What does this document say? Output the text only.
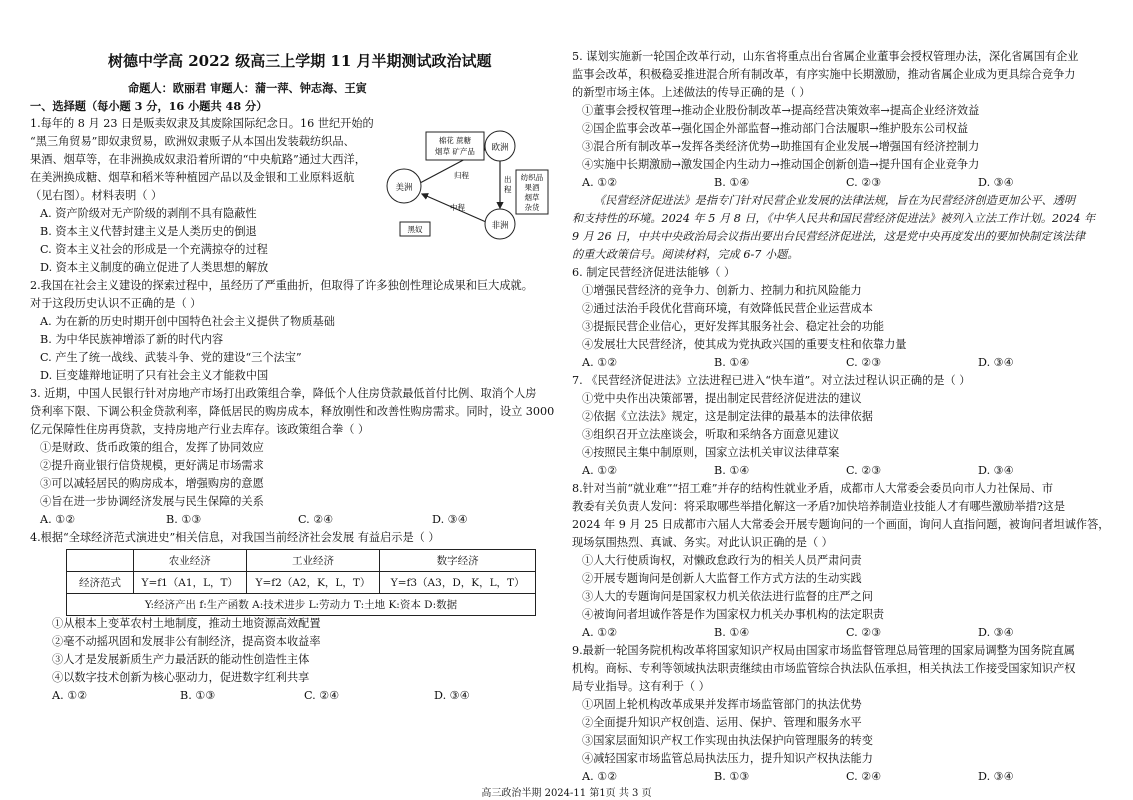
树德中学高 2022 级高三上学期 11 月半期测试政治试题
命题人：欧丽君 审题人：蒲一萍、钟志海、王寅
一、选择题（每小题 3 分，16 小题共 48 分）
1.每年的 8 月 23 日是贩卖奴隶及其废除国际纪念日。16 世纪开始的
“黑三角贸易”即奴隶贸易，欧洲奴隶贩子从本国出发装载纺织品、
果酒、烟草等，在非洲换成奴隶沿着所谓的“中央航路”通过大西洋，
在美洲换成糖、烟草和稻米等种植园产品以及金银和工业原料返航
（见右图）。材料表明（ ）
A. 资产阶级对无产阶级的剥削不具有隐蔽性
B. 资本主义代替封建主义是人类历史的倒退
C. 资本主义社会的形成是一个充满掠夺的过程
D. 资本主义制度的确立促进了人类思想的解放
欧洲
美洲
非洲
棉花 蔗糖
烟草 矿产品
纺织品
果酒
烟草
杂货
黑奴
归程	出
程
中程
2.我国在社会主义建设的探索过程中，虽经历了严重曲折，但取得了许多独创性理论成果和巨大成就。
对于这段历史认识不正确的是（ ）
A. 为在新的历史时期开创中国特色社会主义提供了物质基础
B. 为中华民族神增添了新的时代内容
C. 产生了统一战线、武装斗争、党的建设“三个法宝”
D. 巨变雄辩地证明了只有社会主义才能救中国
3. 近期，中国人民银行针对房地产市场打出政策组合拳，降低个人住房贷款最低首付比例、取消个人房
贷利率下限、下调公积金贷款利率，降低居民的购房成本，释放刚性和改善性购房需求。同时，设立 3000
亿元保障性住房再贷款，支持房地产行业去库存。该政策组合拳（ ）
①是财政、货币政策的组合，发挥了协同效应
②提升商业银行信贷规模，更好满足市场需求
③可以减轻居民的购房成本，增强购房的意愿
④旨在进一步协调经济发展与民生保障的关系
A. ①②	B. ①③	C. ②④	D. ③④
4.根据“全球经济范式演进史”相关信息，对我国当前经济社会发展 有益启示是（ ）
	农业经济	工业经济	数字经济
经济范式	Y=f1（A1，L，T）	Y=f2（A2，K，L，T）	Y=f3（A3，D，K，L，T）
Y:经济产出 f:生产函数 A:技术进步 L:劳动力 T:土地 K:资本 D:数据			
①从根本上变革农村土地制度，推动土地资源高效配置
②毫不动摇巩固和发展非公有制经济，提高资本收益率
③人才是发展新质生产力最活跃的能动性创造性主体
④以数字技术创新为核心驱动力，促进数字红利共享
A. ①②	B. ①③	C. ②④	D. ③④
5. 谋划实施新一轮国企改革行动，山东省将重点出台省属企业董事会授权管理办法，深化省属国有企业
监事会改革，积极稳妥推进混合所有制改革，有序实施中长期激励，推动省属企业成为更具综合竞争力
的新型市场主体。上述做法的传导正确的是（ ）
①董事会授权管理→推动企业股份制改革→提高经营决策效率→提高企业经济效益
②国企监事会改革→强化国企外部监督→推动部门合法履职→维护股东公司权益
③混合所有制改革→发挥各类经济优势→助推国有企业发展→增强国有经济控制力
④实施中长期激励→激发国企内生动力→推动国企创新创造→提升国有企业竞争力
A. ①②	B. ①④	C. ②③	D. ③④
《民营经济促进法》是指专门针对民营企业发展的法律法规，旨在为民营经济创造更加公平、透明
和支持性的环境。2024 年 5 月 8 日，《中华人民共和国民营经济促进法》被列入立法工作计划。2024 年
9 月 26 日，中共中央政治局会议指出要出台民营经济促进法，这是党中央再度发出的要加快制定该法律
的重大政策信号。阅读材料，完成 6-7 小题。
6. 制定民营经济促进法能够（ ）
①增强民营经济的竞争力、创新力、控制力和抗风险能力
②通过法治手段优化营商环境，有效降低民营企业运营成本
③提振民营企业信心，更好发挥其服务社会、稳定社会的功能
④发展壮大民营经济，使其成为党执政兴国的重要支柱和依靠力量
A. ①②	B. ①④	C. ②③	D. ③④
7. 《民营经济促进法》立法进程已进入“快车道”。对立法过程认识正确的是（ ）
①党中央作出决策部署，提出制定民营经济促进法的建议
②依据《立法法》规定，这是制定法律的最基本的法律依据
③组织召开立法座谈会，听取和采纳各方面意见建议
④按照民主集中制原则，国家立法机关审议法律草案
A. ①②	B. ①④	C. ②③	D. ③④
8.针对当前“就业难”“招工难”并存的结构性就业矛盾，成都市人大常委会委员向市人力社保局、市
教委有关负责人发问：将采取哪些举措化解这一矛盾?加快培养制造业技能人才有哪些激励举措?这是
2024 年 9 月 25 日成都市六届人大常委会开展专题询问的一个画面，询问人直指问题，被询问者坦诚作答，
现场氛围热烈、真诚、务实。对此认识正确的是（ ）
①人大行使质询权，对懒政怠政行为的相关人员严肃问责
②开展专题询问是创新人大监督工作方式方法的生动实践
③人大的专题询问是国家权力机关依法进行监督的庄严之问
④被询问者坦诚作答是作为国家权力机关办事机构的法定职责
A. ①②	B. ①④	C. ②③	D. ③④
9.最新一轮国务院机构改革将国家知识产权局由国家市场监督管理总局管理的国家局调整为国务院直属
机构。商标、专利等领域执法职责继续由市场监管综合执法队伍承担，相关执法工作接受国家知识产权
局专业指导。这有利于（ ）
①巩固上轮机构改革成果并发挥市场监管部门的执法优势
②全面提升知识产权创造、运用、保护、管理和服务水平
③国家层面知识产权工作实现由执法保护向管理服务的转变
④减轻国家市场监管总局执法压力，提升知识产权执法能力
A. ①②	B. ①③	C. ②④	D. ③④
高三政治半期 2024-11 第1页 共 3 页
